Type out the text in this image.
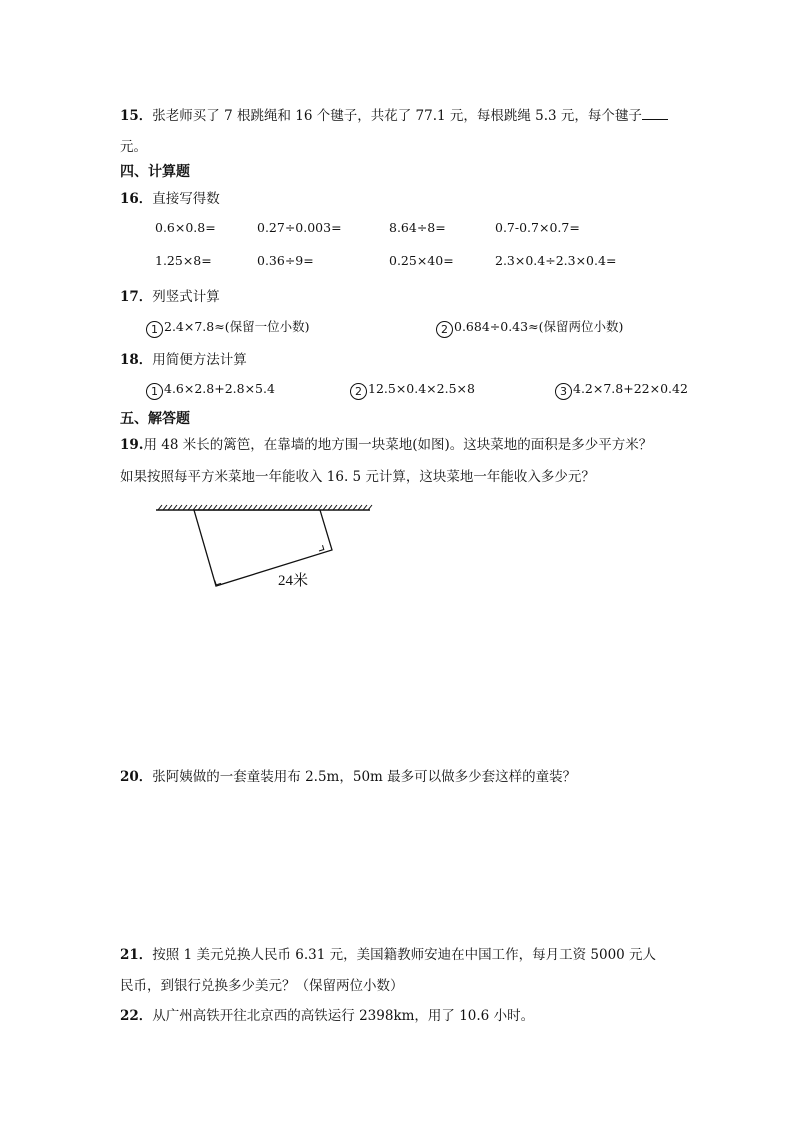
15．张老师买了 7 根跳绳和 16 个毽子，共花了 77.1 元，每根跳绳 5.3 元，每个毽子
元。
四、计算题
16．直接写得数
0.6×0.8=	0.27÷0.003=	8.64÷8=	0.7-0.7×0.7=
1.25×8=	0.36÷9=	0.25×40=	2.3×0.4÷2.3×0.4=
17．列竖式计算
1 2.4×7.8≈(保留一位小数)	2 0.684÷0.43≈(保留两位小数)
18．用简便方法计算
1 4.6×2.8+2.8×5.4	2 12.5×0.4×2.5×8	3 4.2×7.8+22×0.42
五、解答题
19.用 48 米长的篱笆，在靠墙的地方围一块菜地(如图)。这块菜地的面积是多少平方米？
如果按照每平方米菜地一年能收入 16. 5 元计算，这块菜地一年能收入多少元？
24米
20．张阿姨做的一套童装用布 2.5m，50m 最多可以做多少套这样的童装？
21．按照 1 美元兑换人民币 6.31 元，美国籍教师安迪在中国工作，每月工资 5000 元人
民币，到银行兑换多少美元？（保留两位小数）
22．从广州高铁开往北京西的高铁运行 2398km，用了 10.6 小时。
